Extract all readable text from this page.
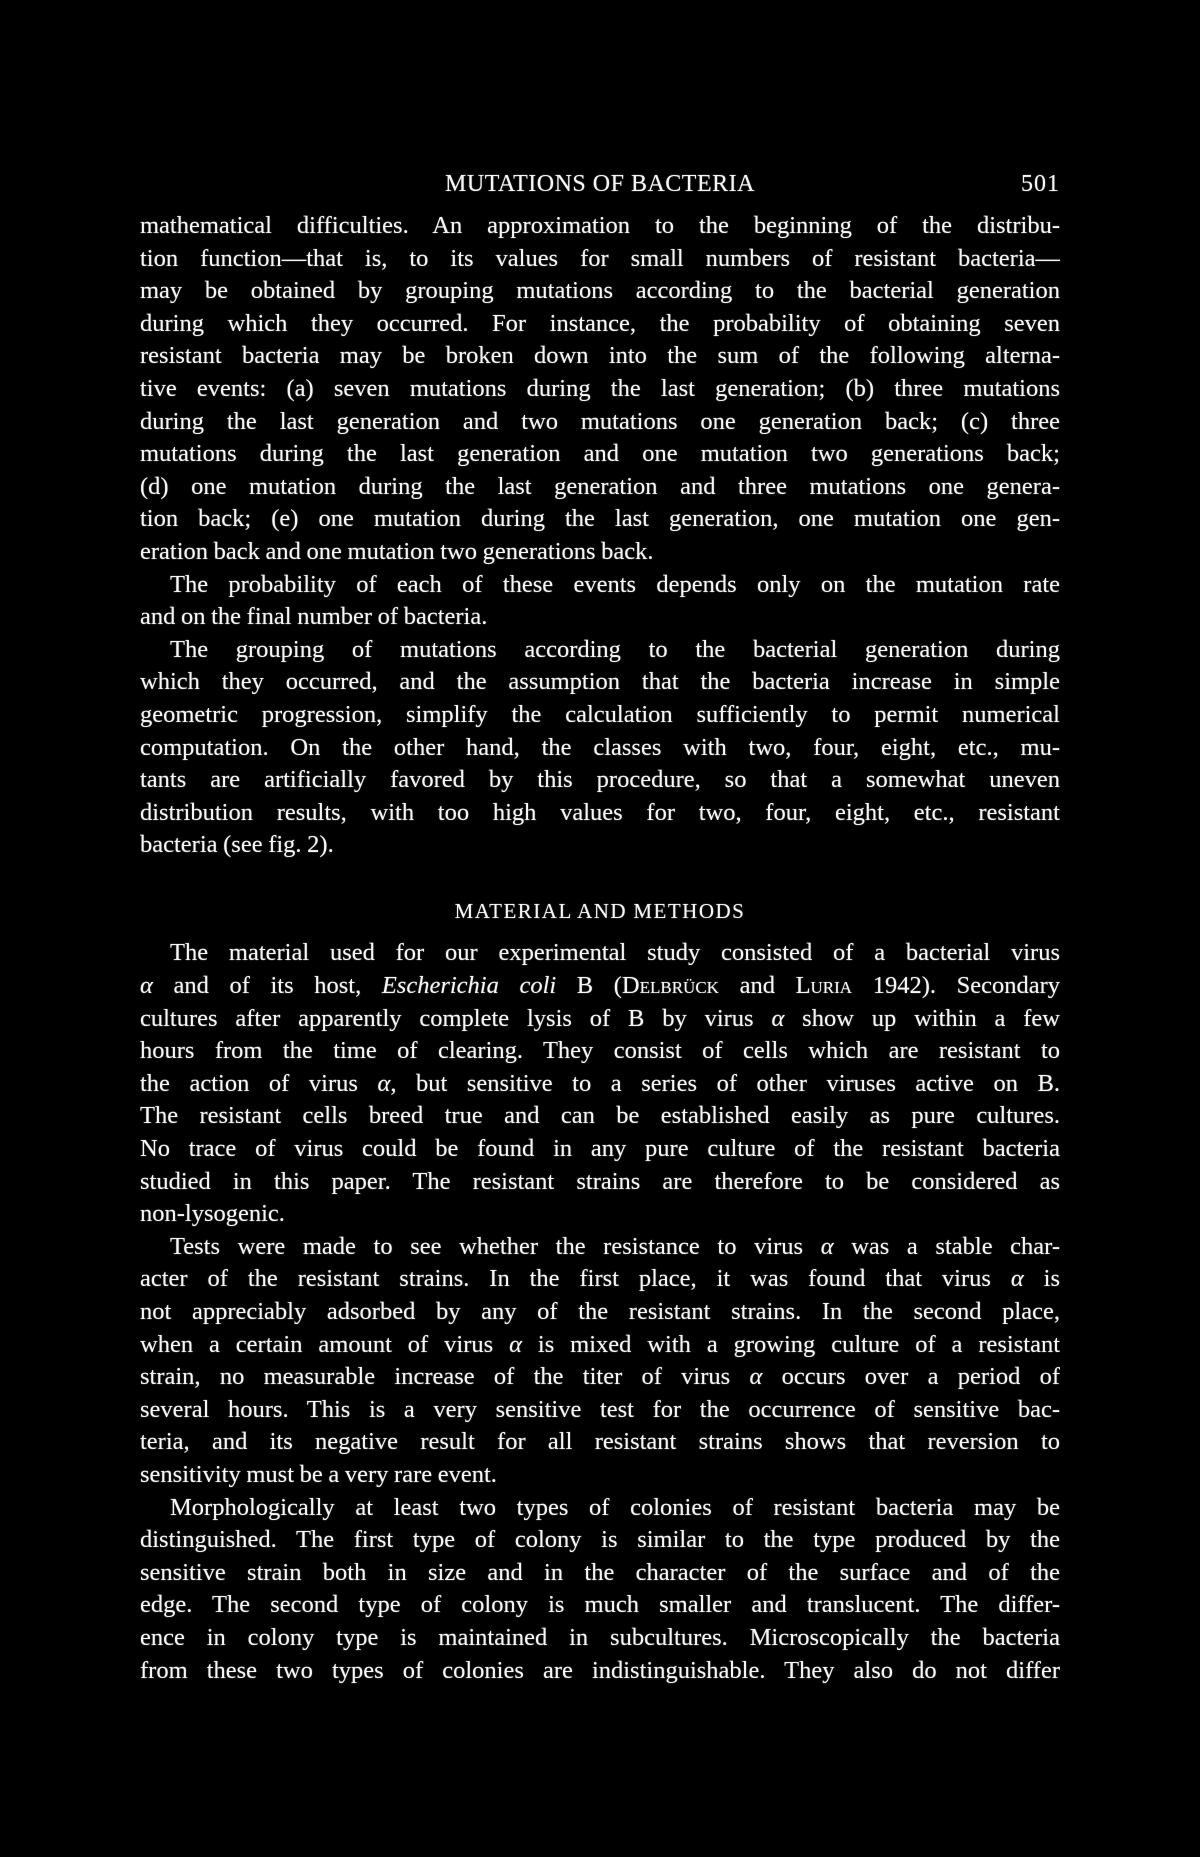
MUTATIONS OF BACTERIA	501

mathematical difficulties. An approximation to the beginning of the distribu-
tion function—that is, to its values for small numbers of resistant bacteria—
may be obtained by grouping mutations according to the bacterial generation
during which they occurred. For instance, the probability of obtaining seven
resistant bacteria may be broken down into the sum of the following alterna-
tive events: (a) seven mutations during the last generation; (b) three mutations
during the last generation and two mutations one generation back; (c) three
mutations during the last generation and one mutation two generations back;
(d) one mutation during the last generation and three mutations one genera-
tion back; (e) one mutation during the last generation, one mutation one gen-
eration back and one mutation two generations back.

The probability of each of these events depends only on the mutation rate
and on the final number of bacteria.

The grouping of mutations according to the bacterial generation during
which they occurred, and the assumption that the bacteria increase in simple
geometric progression, simplify the calculation sufficiently to permit numerical
computation. On the other hand, the classes with two, four, eight, etc., mu-
tants are artificially favored by this procedure, so that a somewhat uneven
distribution results, with too high values for two, four, eight, etc., resistant
bacteria (see fig. 2).

MATERIAL AND METHODS

The material used for our experimental study consisted of a bacterial virus
α and of its host, Escherichia coli B (Delbrück and Luria 1942). Secondary
cultures after apparently complete lysis of B by virus α show up within a few
hours from the time of clearing. They consist of cells which are resistant to
the action of virus α, but sensitive to a series of other viruses active on B.
The resistant cells breed true and can be established easily as pure cultures.
No trace of virus could be found in any pure culture of the resistant bacteria
studied in this paper. The resistant strains are therefore to be considered as
non-lysogenic.

Tests were made to see whether the resistance to virus α was a stable char-
acter of the resistant strains. In the first place, it was found that virus α is
not appreciably adsorbed by any of the resistant strains. In the second place,
when a certain amount of virus α is mixed with a growing culture of a resistant
strain, no measurable increase of the titer of virus α occurs over a period of
several hours. This is a very sensitive test for the occurrence of sensitive bac-
teria, and its negative result for all resistant strains shows that reversion to
sensitivity must be a very rare event.

Morphologically at least two types of colonies of resistant bacteria may be
distinguished. The first type of colony is similar to the type produced by the
sensitive strain both in size and in the character of the surface and of the
edge. The second type of colony is much smaller and translucent. The differ-
ence in colony type is maintained in subcultures. Microscopically the bacteria
from these two types of colonies are indistinguishable. They also do not differ
